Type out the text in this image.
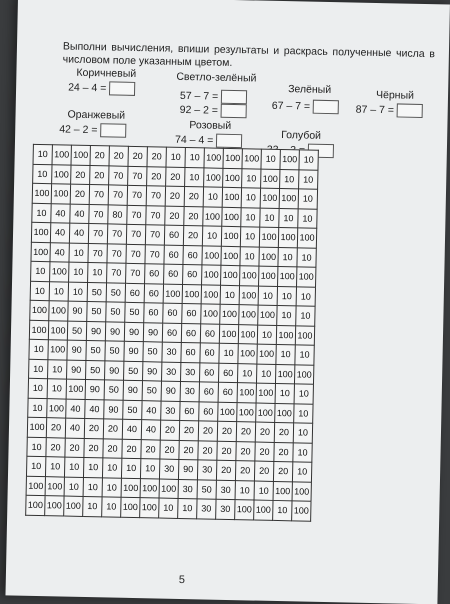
Выполни вычисления, впиши результаты и раскрась полученные числа в числовом поле указанным цветом.
Коричневый
24 – 4 =
Светло-зелёный
57 – 7 =
92 – 2 =
Зелёный
67 – 7 =
Чёрный
87 – 7 =
Оранжевый
42 – 2 =	Розовый
74 – 4 =	Голубой
10	100	100	20	20	20	20	10	10	100	100	100	10	100	10
10	100	20	20	70	70	20	20	10	100	100	10	100	10	10
100	100	20	70	70	70	70	20	20	10	100	10	100	100	10
10	40	40	70	80	70	70	20	20	100	100	10	10	10	10
100	40	40	70	70	70	70	60	20	10	100	10	100	100	100
100	40	10	70	70	70	70	60	60	100	100	10	100	10	10
10	100	10	10	70	70	60	60	60	100	100	100	100	100	100
10	10	10	50	50	60	60	100	100	100	10	100	10	10	10
100	100	90	50	50	50	60	60	60	100	100	100	100	10	10
100	100	50	90	90	90	90	60	60	60	100	100	10	100	100
10	100	90	50	50	90	50	30	60	60	10	100	100	10	10
10	10	90	50	90	50	90	30	30	60	60	10	10	100	100
10	10	100	90	50	90	50	90	30	60	60	100	100	10	10
10	100	40	40	90	50	40	30	60	60	100	100	100	100	10
100	20	40	20	20	40	40	20	20	20	20	20	20	20	10
10	20	20	20	20	20	20	20	20	20	20	20	20	20	10
10	10	10	10	10	10	10	30	90	30	20	20	20	20	10
100	100	10	10	10	100	100	100	30	50	30	10	10	100	100
100	100	100	10	10	100	100	10	10	30	30	100	100	10	100
5
